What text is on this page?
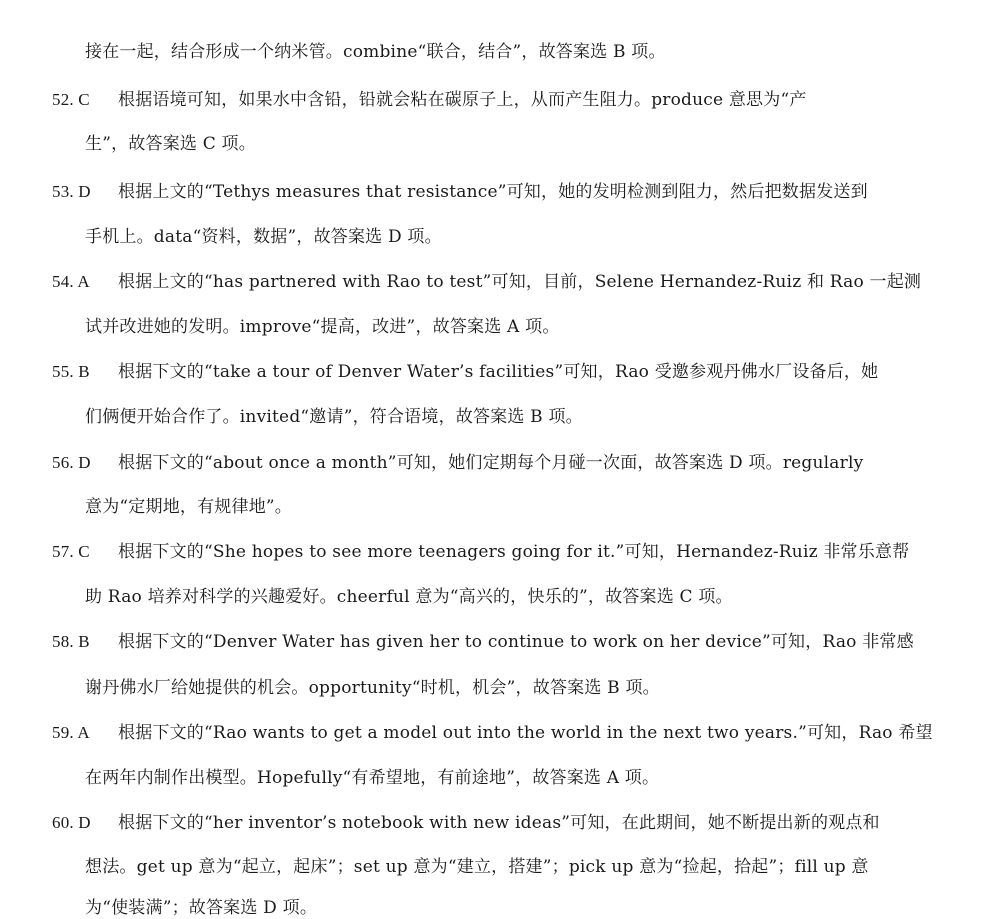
接在一起，结合形成一个纳米管。combine“联合，结合”，故答案选 B 项。
52. C 根据语境可知，如果水中含铅，铅就会粘在碳原子上，从而产生阻力。produce 意思为“产
生”，故答案选 C 项。
53. D 根据上文的“Tethys measures that resistance”可知，她的发明检测到阻力，然后把数据发送到
手机上。data“资料，数据”，故答案选 D 项。
54. A 根据上文的“has partnered with Rao to test”可知，目前，Selene Hernandez-Ruiz 和 Rao 一起测
试并改进她的发明。improve“提高，改进”，故答案选 A 项。
55. B 根据下文的“take a tour of Denver Water’s facilities”可知，Rao 受邀参观丹佛水厂设备后，她
们俩便开始合作了。invited“邀请”，符合语境，故答案选 B 项。
56. D 根据下文的“about once a month”可知，她们定期每个月碰一次面，故答案选 D 项。regularly
意为“定期地，有规律地”。
57. C 根据下文的“She hopes to see more teenagers going for it.”可知，Hernandez-Ruiz 非常乐意帮
助 Rao 培养对科学的兴趣爱好。cheerful 意为“高兴的，快乐的”，故答案选 C 项。
58. B 根据下文的“Denver Water has given her to continue to work on her device”可知，Rao 非常感
谢丹佛水厂给她提供的机会。opportunity“时机，机会”，故答案选 B 项。
59. A 根据下文的“Rao wants to get a model out into the world in the next two years.”可知，Rao 希望
在两年内制作出模型。Hopefully“有希望地，有前途地”，故答案选 A 项。
60. D 根据下文的“her inventor’s notebook with new ideas”可知，在此期间，她不断提出新的观点和
想法。get up 意为“起立，起床”；set up 意为“建立，搭建”；pick up 意为“捡起，拾起”；fill up 意
为“使装满”；故答案选 D 项。
